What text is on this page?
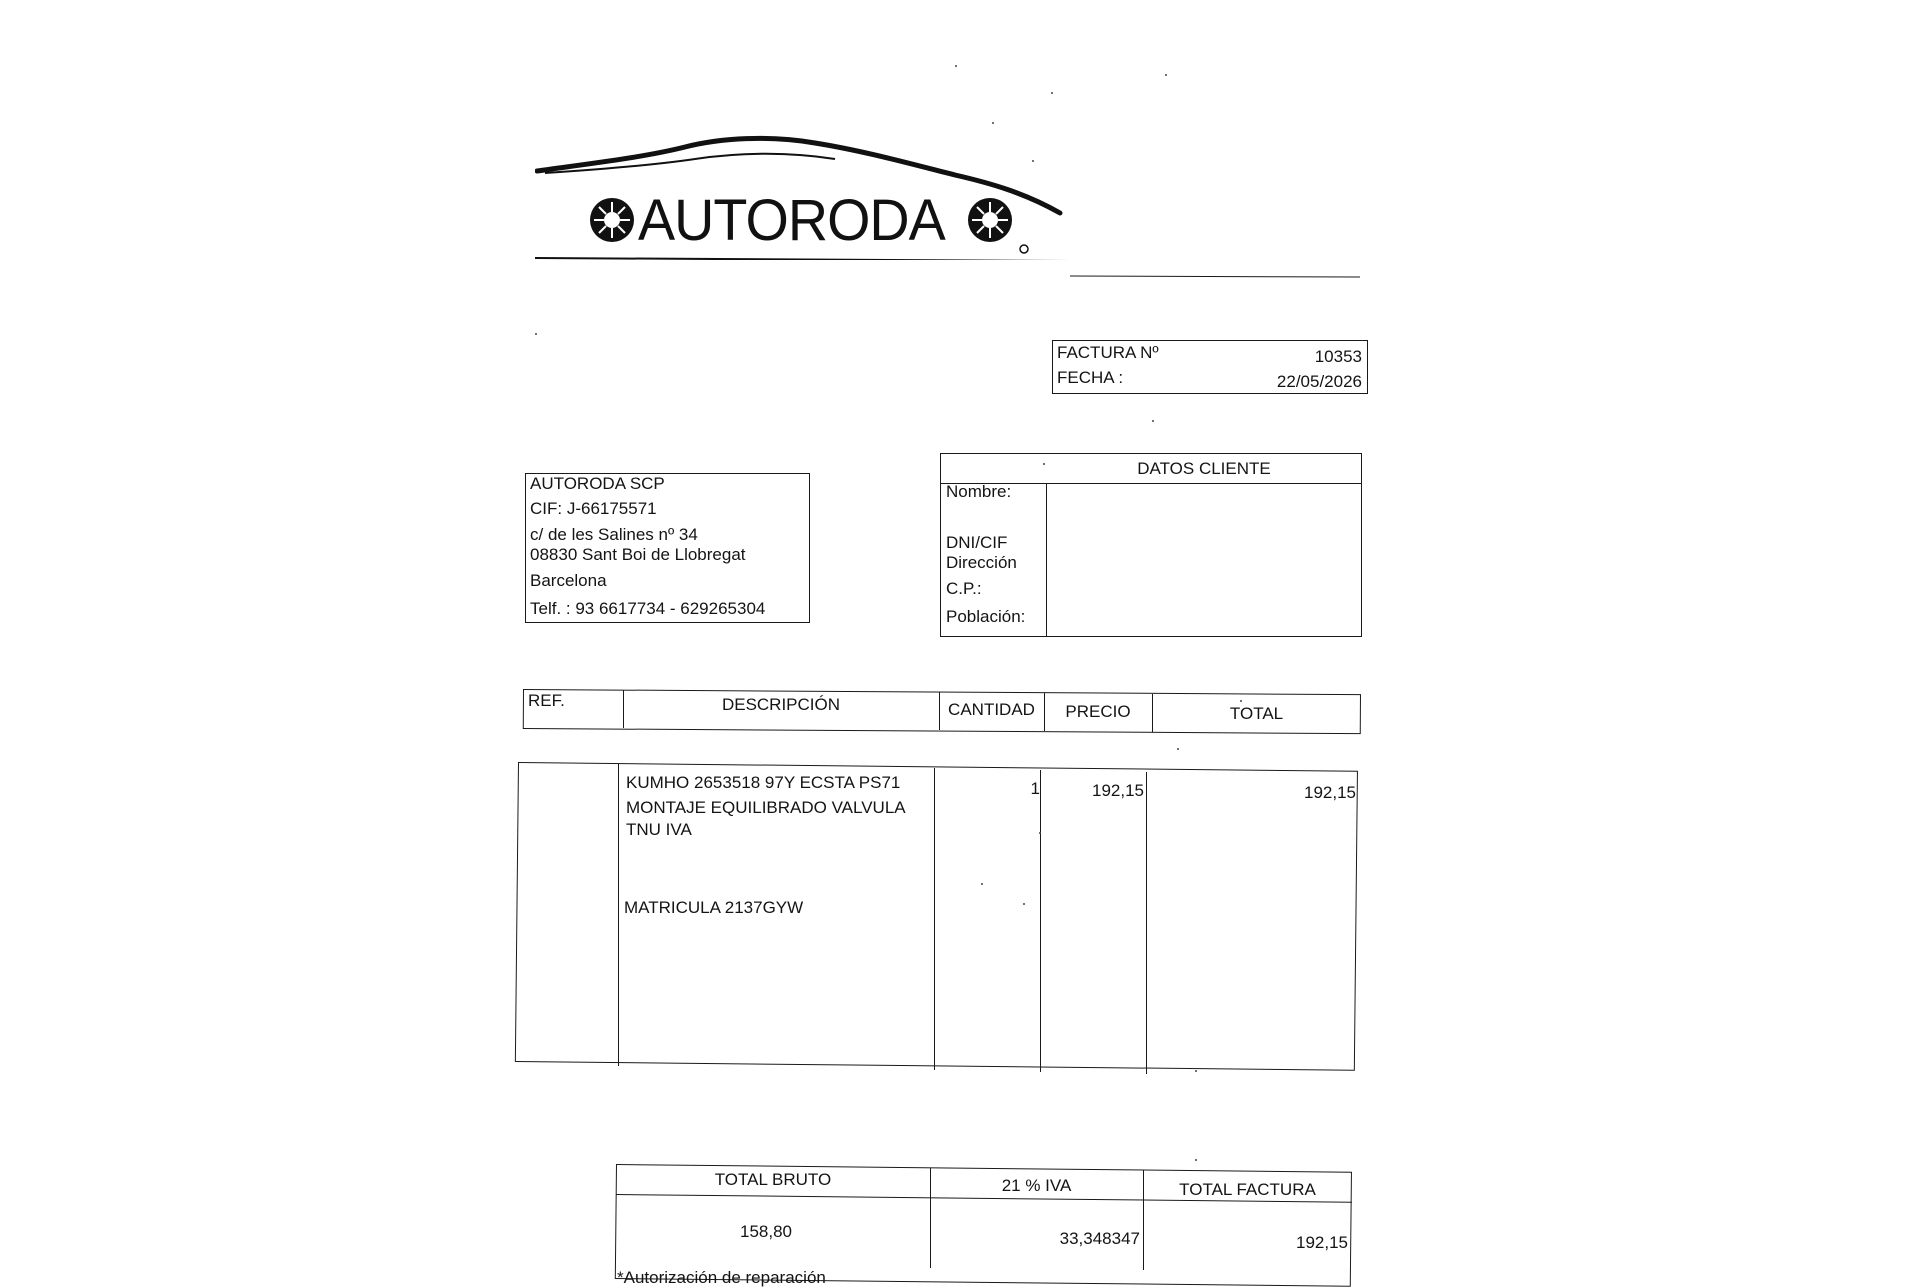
AUTORODA
FACTURA Nº	10353
FECHA :	22/05/2026
AUTORODA SCP
CIF: J-66175571
c/ de les Salines nº 34
08830 Sant Boi de Llobregat
Barcelona
Telf. : 93 6617734 - 629265304
DATOS CLIENTE
Nombre:
DNI/CIF
Dirección
C.P.:
Población:
REF.	DESCRIPCIÓN	CANTIDAD	PRECIO	TOTAL
KUMHO 2653518 97Y ECSTA PS71
MONTAJE EQUILIBRADO VALVULA
TNU IVA
MATRICULA 2137GYW
1	192,15	192,15
TOTAL BRUTO	21 % IVA	TOTAL FACTURA
158,80	33,348347	192,15
*Autorización de reparación
